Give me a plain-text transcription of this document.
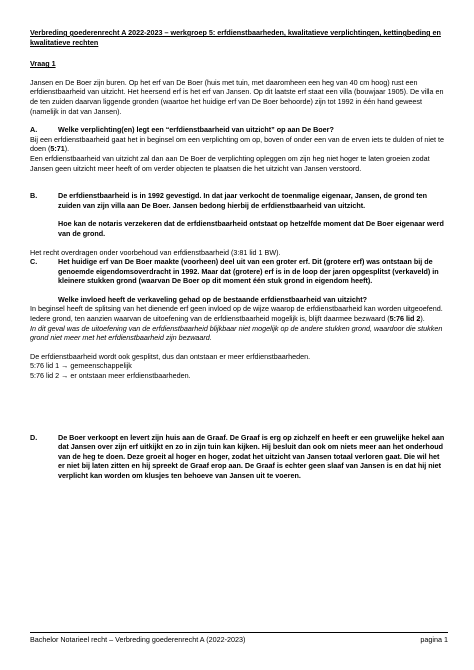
Verbreding goederenrecht A 2022-2023 – werkgroep 5: erfdienstbaarheden, kwalitatieve verplichtingen, kettingbeding en kwalitatieve rechten

Vraag 1

Jansen en De Boer zijn buren. Op het erf van De Boer (huis met tuin, met daaromheen een heg van 40 cm hoog) rust een erfdienstbaarheid van uitzicht. Het heersend erf is het erf van Jansen. Op dit laatste erf staat een villa (bouwjaar 1905). De villa en de ten zuiden daarvan liggende gronden (waartoe het huidige erf van De Boer behoorde) zijn tot 1992 in één hand geweest (namelijk in dat van Jansen).

A.	Welke verplichting(en) legt een “erfdienstbaarheid van uitzicht” op aan De Boer?

Bij een erfdienstbaarheid gaat het in beginsel om een verplichting om op, boven of onder een van de erven iets te dulden of niet te doen (5:71).

Een erfdienstbaarheid van uitzicht zal dan aan De Boer de verplichting opleggen om zijn heg niet hoger te laten groeien zodat Jansen geen uitzicht meer heeft of om verder objecten te plaatsen die het uitzicht van Jansen verstoord.

B.	De erfdienstbaarheid is in 1992 gevestigd. In dat jaar verkocht de toenmalige eigenaar, Jansen, de grond ten zuiden van zijn villa aan De Boer. Jansen bedong hierbij de erfdienstbaarheid van uitzicht.

Hoe kan de notaris verzekeren dat de erfdienstbaarheid ontstaat op hetzelfde moment dat De Boer eigenaar werd van de grond.

Het recht overdragen onder voorbehoud van erfdienstbaarheid (3:81 lid 1 BW).

C.	Het huidige erf van De Boer maakte (voorheen) deel uit van een groter erf. Dit (grotere erf) was ontstaan bij de genoemde eigendomsoverdracht in 1992. Maar dat (grotere) erf is in de loop der jaren opgesplitst (verkaveld) in kleinere stukken grond (waarvan De Boer op dit moment één stuk grond in eigendom heeft).

Welke invloed heeft de verkaveling gehad op de bestaande erfdienstbaarheid van uitzicht?

In beginsel heeft de splitsing van het dienende erf geen invloed op de wijze waarop de erfdienstbaarheid kan worden uitgeoefend. Iedere grond, ten aanzien waarvan de uitoefening van de erfdienstbaarheid mogelijk is, blijft daarmee bezwaard (5:76 lid 2).

In dit geval was de uitoefening van de erfdienstbaarheid blijkbaar niet mogelijk op de andere stukken grond, waardoor die stukken grond niet meer met het erfdienstbaarheid zijn bezwaard.

De erfdienstbaarheid wordt ook gesplitst, dus dan ontstaan er meer erfdienstbaarheden.

5:76 lid 1 → gemeenschappelijk

5:76 lid 2 → er ontstaan meer erfdienstbaarheden.

D.	De Boer verkoopt en levert zijn huis aan de Graaf. De Graaf is erg op zichzelf en heeft er een gruwelijke hekel aan dat Jansen over zijn erf uitkijkt en zo in zijn tuin kan kijken. Hij besluit dan ook om niets meer aan het onderhoud van de heg te doen. Deze groeit al hoger en hoger, zodat het uitzicht van Jansen totaal verloren gaat. Die wil het er niet bij laten zitten en hij spreekt de Graaf erop aan. De Graaf is echter geen slaaf van Jansen is en dat hij niet verplicht kan worden om klusjes ten behoeve van Jansen uit te voeren.
Bachelor Notarieel recht – Verbreding goederenrecht A (2022-2023)	pagina 1
